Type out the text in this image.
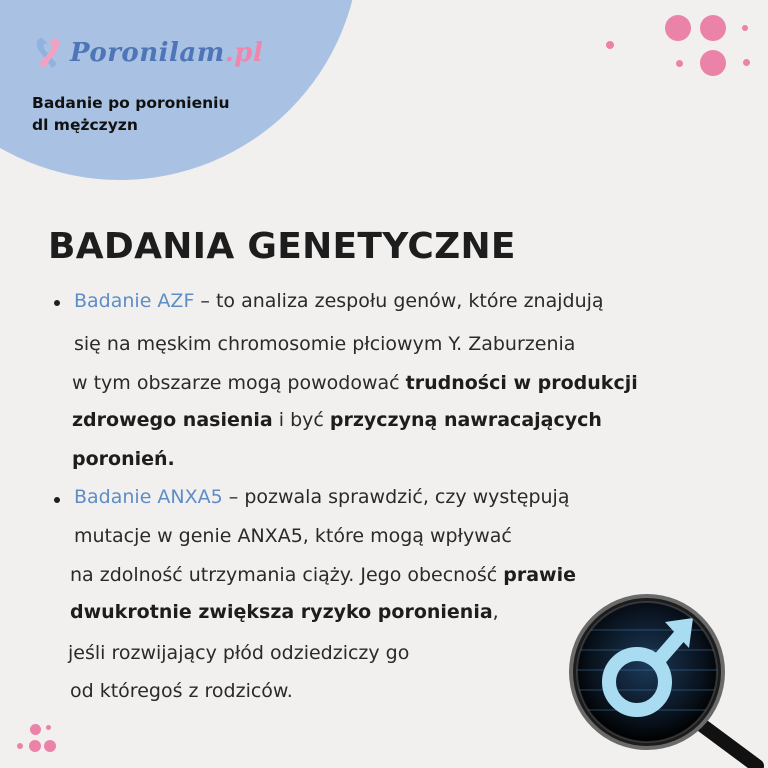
Poronilam.pl
Badanie po poronieniu
dl mężczyzn
BADANIA GENETYCZNE
Badanie AZF – to analiza zespołu genów, które znajdują
się na męskim chromosomie płciowym Y. Zaburzenia
w tym obszarze mogą powodować trudności w produkcji
zdrowego nasienia i być przyczyną nawracających
poronień.
Badanie ANXA5 – pozwala sprawdzić, czy występują
mutacje w genie ANXA5, które mogą wpływać
na zdolność utrzymania ciąży. Jego obecność prawie
dwukrotnie zwiększa ryzyko poronienia,
jeśli rozwijający płód odziedziczy go
od któregoś z rodziców.
